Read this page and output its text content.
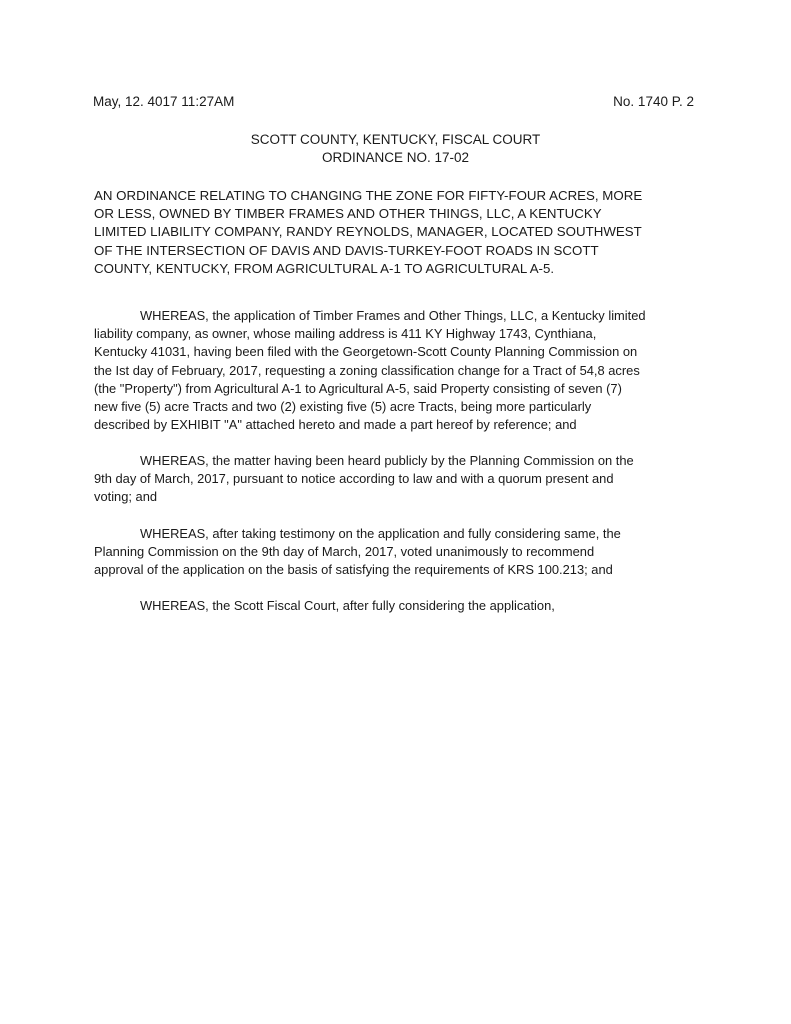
May, 12. 4017 11:27AM	No. 1740 P. 2
SCOTT COUNTY, KENTUCKY, FISCAL COURT
ORDINANCE NO. 17-02
AN ORDINANCE RELATING TO CHANGING THE ZONE FOR FIFTY-FOUR ACRES, MORE
OR LESS, OWNED BY TIMBER FRAMES AND OTHER THINGS, LLC, A KENTUCKY
LIMITED LIABILITY COMPANY, RANDY REYNOLDS, MANAGER, LOCATED SOUTHWEST
OF THE INTERSECTION OF DAVIS AND DAVIS-TURKEY-FOOT ROADS IN SCOTT
COUNTY, KENTUCKY, FROM AGRICULTURAL A-1 TO AGRICULTURAL A-5.
WHEREAS, the application of Timber Frames and Other Things, LLC, a Kentucky limited
liability company, as owner, whose mailing address is 411 KY Highway 1743, Cynthiana,
Kentucky 41031, having been filed with the Georgetown-Scott County Planning Commission on
the Ist day of February, 2017, requesting a zoning classification change for a Tract of 54,8 acres
(the "Property") from Agricultural A-1 to Agricultural A-5, said Property consisting of seven (7)
new five (5) acre Tracts and two (2) existing five (5) acre Tracts, being more particularly
described by EXHIBIT "A" attached hereto and made a part hereof by reference; and
WHEREAS, the matter having been heard publicly by the Planning Commission on the
9th day of March, 2017, pursuant to notice according to law and with a quorum present and
voting; and
WHEREAS, after taking testimony on the application and fully considering same, the
Planning Commission on the 9th day of March, 2017, voted unanimously to recommend
approval of the application on the basis of satisfying the requirements of KRS 100.213; and
WHEREAS, the Scott Fiscal Court, after fully considering the application,
